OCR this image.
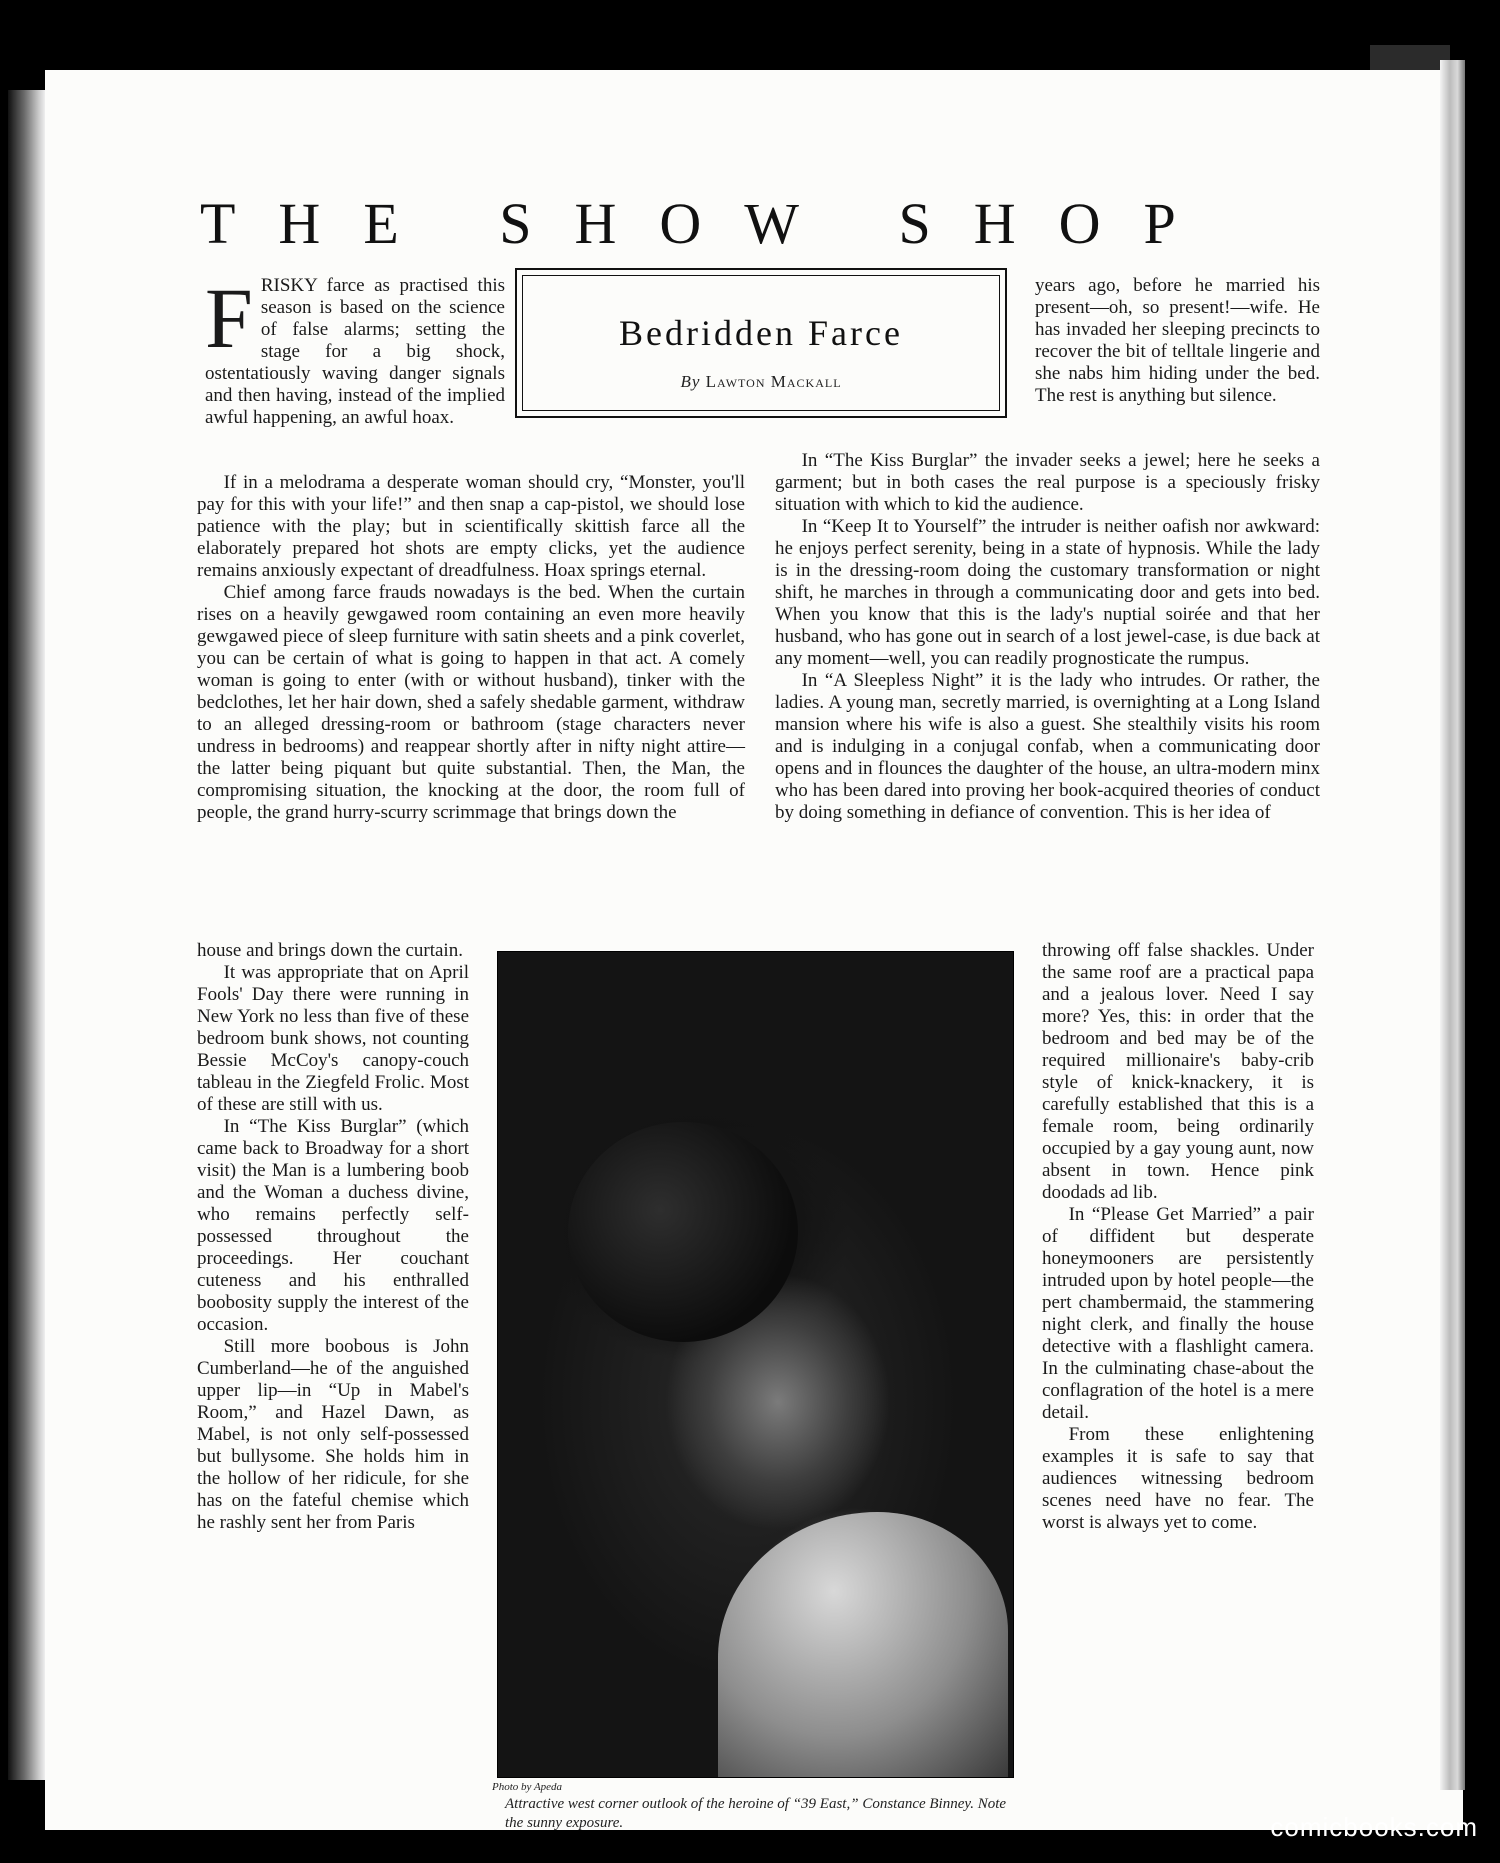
THE SHOW SHOP
F RISKY farce as practised this season is based on the science of false alarms; setting the stage for a big shock, ostentatiously waving danger signals and then having, instead of the implied awful happening, an awful hoax.

Bedridden Farce
By Lawton Mackall

years ago, before he married his present—oh, so present!—wife. He has invaded her sleeping precincts to recover the bit of telltale lingerie and she nabs him hiding under the bed. The rest is anything but silence.

If in a melodrama a desperate woman should cry, “Monster, you'll pay for this with your life!” and then snap a cap-pistol, we should lose patience with the play; but in scientifically skittish farce all the elaborately prepared hot shots are empty clicks, yet the audience remains anxiously expectant of dreadfulness. Hoax springs eternal.

Chief among farce frauds nowadays is the bed. When the curtain rises on a heavily gewgawed room containing an even more heavily gewgawed piece of sleep furniture with satin sheets and a pink coverlet, you can be certain of what is going to happen in that act. A comely woman is going to enter (with or without husband), tinker with the bedclothes, let her hair down, shed a safely shedable garment, withdraw to an alleged dressing-room or bathroom (stage characters never undress in bedrooms) and reappear shortly after in nifty night attire—the latter being piquant but quite substantial. Then, the Man, the compromising situation, the knocking at the door, the room full of people, the grand hurry-scurry scrimmage that brings down the

In “The Kiss Burglar” the invader seeks a jewel; here he seeks a garment; but in both cases the real purpose is a speciously frisky situation with which to kid the audience.

In “Keep It to Yourself” the intruder is neither oafish nor awkward: he enjoys perfect serenity, being in a state of hypnosis. While the lady is in the dressing-room doing the customary transformation or night shift, he marches in through a communicating door and gets into bed. When you know that this is the lady's nuptial soirée and that her husband, who has gone out in search of a lost jewel-case, is due back at any moment—well, you can readily prognosticate the rumpus.

In “A Sleepless Night” it is the lady who intrudes. Or rather, the ladies. A young man, secretly married, is overnighting at a Long Island mansion where his wife is also a guest. She stealthily visits his room and is indulging in a conjugal confab, when a communicating door opens and in flounces the daughter of the house, an ultra-modern minx who has been dared into proving her book-acquired theories of conduct by doing something in defiance of convention. This is her idea of

house and brings down the curtain.

It was appropriate that on April Fools' Day there were running in New York no less than five of these bedroom bunk shows, not counting Bessie McCoy's canopy-couch tableau in the Ziegfeld Frolic. Most of these are still with us.

In “The Kiss Burglar” (which came back to Broadway for a short visit) the Man is a lumbering boob and the Woman a duchess divine, who remains perfectly self-possessed throughout the proceedings. Her couchant cuteness and his enthralled boobosity supply the interest of the occasion.

Still more boobous is John Cumberland—he of the anguished upper lip—in “Up in Mabel's Room,” and Hazel Dawn, as Mabel, is not only self-possessed but bullysome. She holds him in the hollow of her ridicule, for she has on the fateful chemise which he rashly sent her from Paris

Photo by Apeda
Attractive west corner outlook of the heroine of “39 East,” Constance Binney. Note the sunny exposure.

throwing off false shackles. Under the same roof are a practical papa and a jealous lover. Need I say more? Yes, this: in order that the bedroom and bed may be of the required millionaire's baby-crib style of knick-knackery, it is carefully established that this is a female room, being ordinarily occupied by a gay young aunt, now absent in town. Hence pink doodads ad lib.

In “Please Get Married” a pair of diffident but desperate honeymooners are persistently intruded upon by hotel people—the pert chambermaid, the stammering night clerk, and finally the house detective with a flashlight camera. In the culminating chase-about the conflagration of the hotel is a mere detail.

From these enlightening examples it is safe to say that audiences witnessing bedroom scenes need have no fear. The worst is always yet to come.

comicbooks.com
